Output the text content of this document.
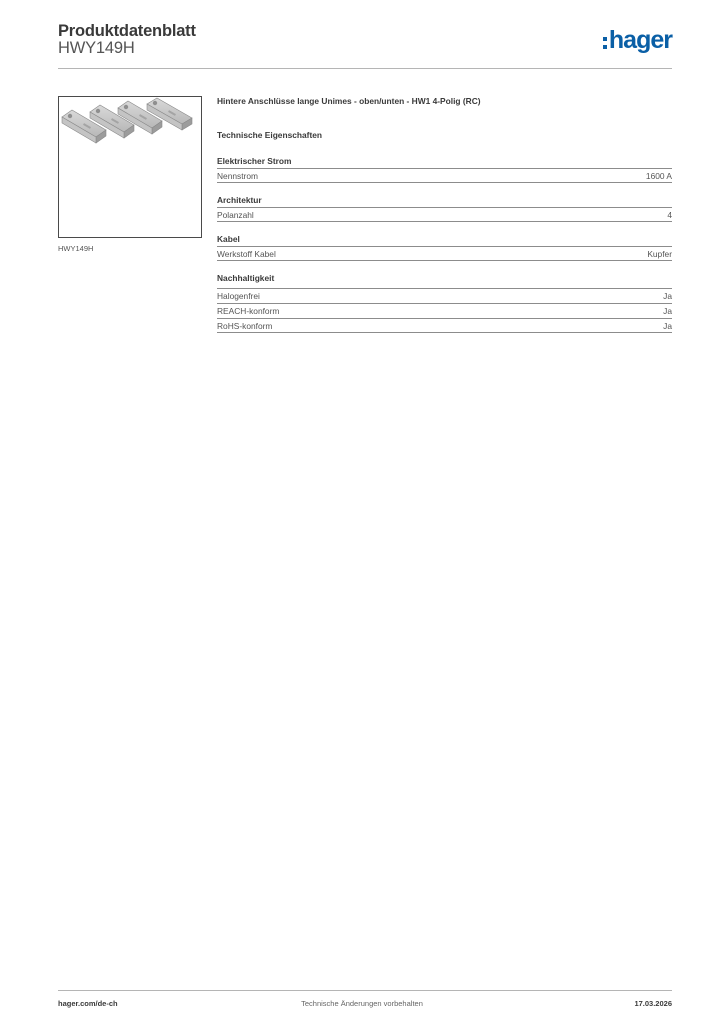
Produktdatenblatt
HWY149H	hager
HWY149H
Hintere Anschlüsse lange Unimes - oben/unten - HW1 4-Polig (RC)
Technische Eigenschaften
Elektrischer Strom
Nennstrom	1600 A
Architektur
Polanzahl	4
Kabel
Werkstoff Kabel	Kupfer
Nachhaltigkeit
Halogenfrei	Ja
REACH-konform	Ja
RoHS-konform	Ja
hager.com/de-ch	Technische Änderungen vorbehalten	17.03.2026
